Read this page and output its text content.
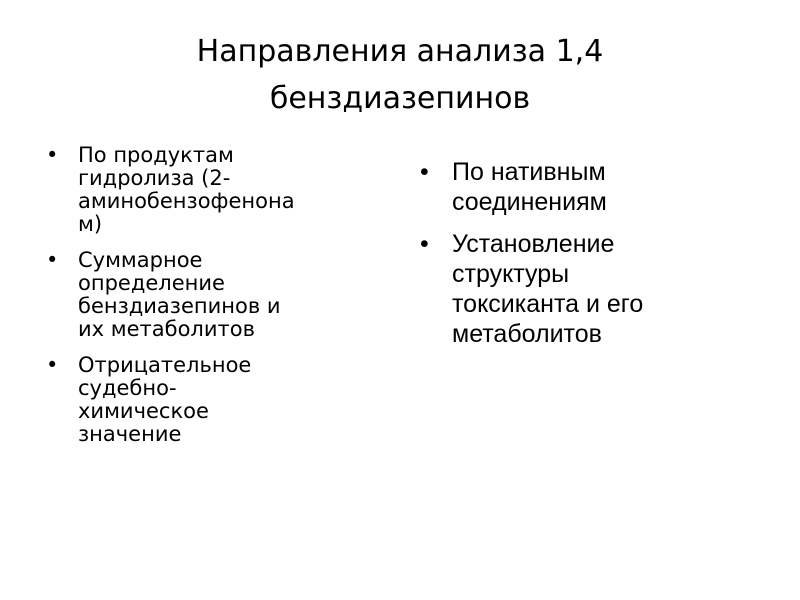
Направления анализа 1,4
бенздиазепинов
• По продуктам
гидролиза (2-
аминобензофенона
м)
• Суммарное
определение
бенздиазепинов и
их метаболитов
• Отрицательное
судебно-
химическое
значение
• По нативным
соединениям
• Установление
структуры
токсиканта и его
метаболитов
